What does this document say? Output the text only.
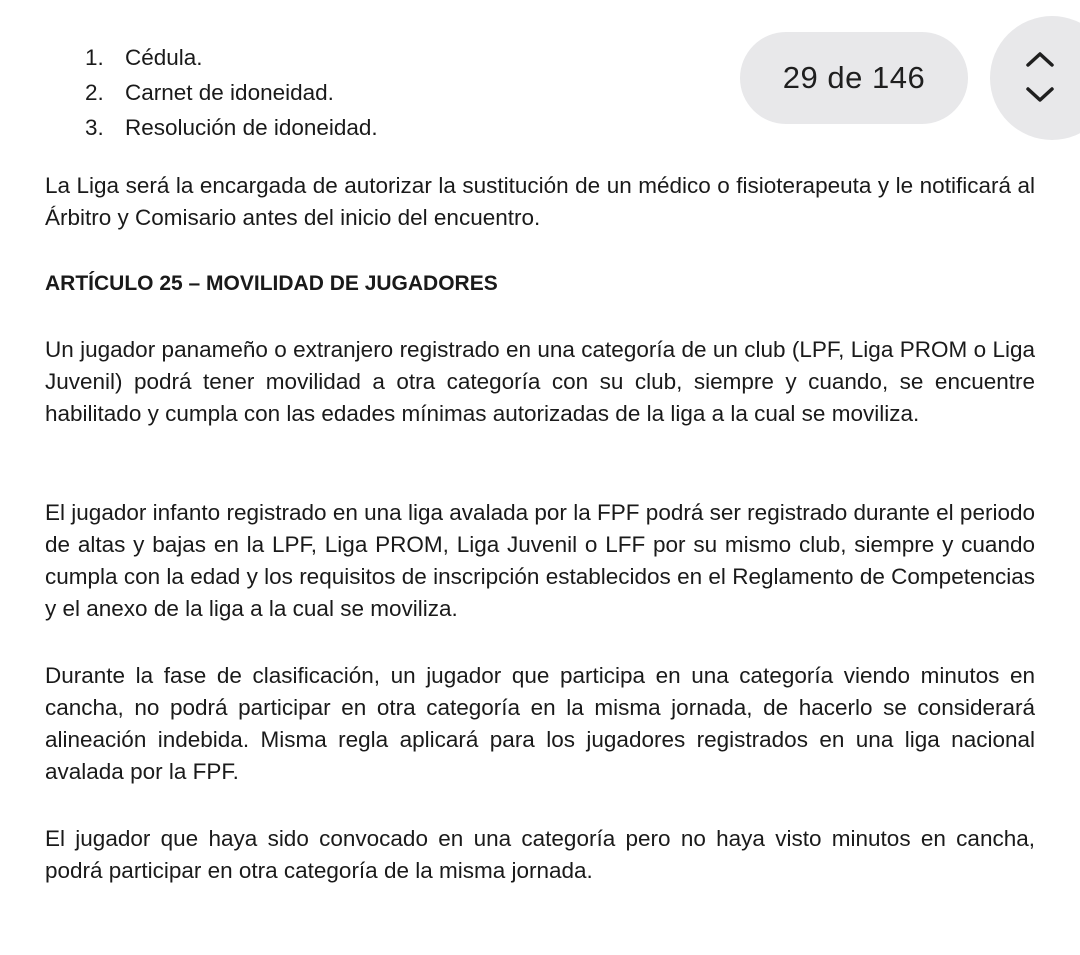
1. Cédula.
2. Carnet de idoneidad.
3. Resolución de idoneidad.

La Liga será la encargada de autorizar la sustitución de un médico o fisioterapeuta y le notificará al Árbitro y Comisario antes del inicio del encuentro.

ARTÍCULO 25 – MOVILIDAD DE JUGADORES

Un jugador panameño o extranjero registrado en una categoría de un club (LPF, Liga PROM o Liga Juvenil) podrá tener movilidad a otra categoría con su club, siempre y cuando, se encuentre habilitado y cumpla con las edades mínimas autorizadas de la liga a la cual se moviliza.

El jugador infanto registrado en una liga avalada por la FPF podrá ser registrado durante el periodo de altas y bajas en la LPF, Liga PROM, Liga Juvenil o LFF por su mismo club, siempre y cuando cumpla con la edad y los requisitos de inscripción establecidos en el Reglamento de Competencias y el anexo de la liga a la cual se moviliza.

Durante la fase de clasificación, un jugador que participa en una categoría viendo minutos en cancha, no podrá participar en otra categoría en la misma jornada, de hacerlo se considerará alineación indebida. Misma regla aplicará para los jugadores registrados en una liga nacional avalada por la FPF.

El jugador que haya sido convocado en una categoría pero no haya visto minutos en cancha, podrá participar en otra categoría de la misma jornada.

29 de 146
